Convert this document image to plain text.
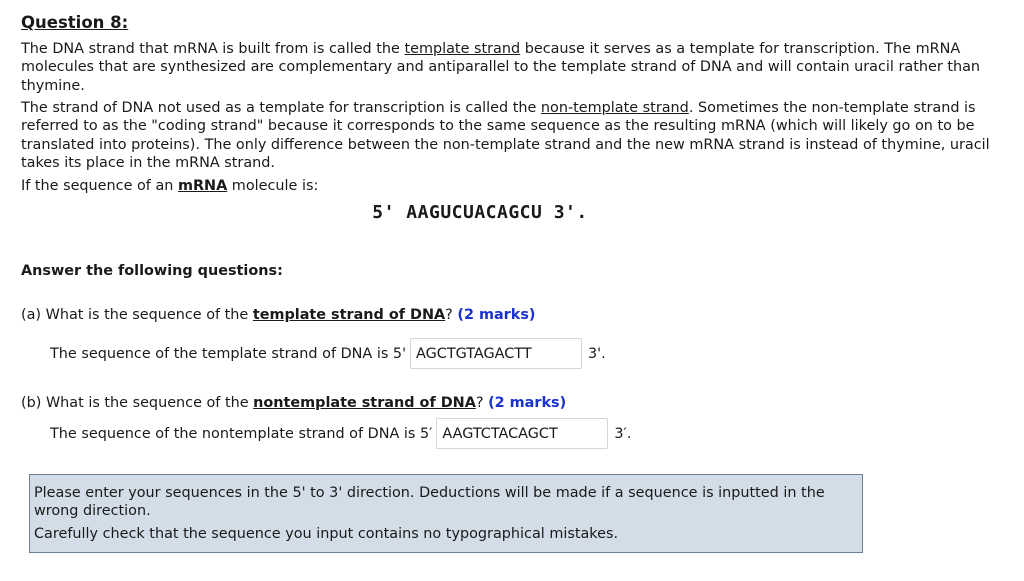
Question 8:
The DNA strand that mRNA is built from is called the template strand because it serves as a template for transcription. The mRNA molecules that are synthesized are complementary and antiparallel to the template strand of DNA and will contain uracil rather than thymine.
The strand of DNA not used as a template for transcription is called the non-template strand. Sometimes the non-template strand is referred to as the "coding strand" because it corresponds to the same sequence as the resulting mRNA (which will likely go on to be translated into proteins). The only difference between the non-template strand and the new mRNA strand is instead of thymine, uracil takes its place in the mRNA strand.
If the sequence of an mRNA molecule is:
5' AAGUCUACAGCU 3'.
Answer the following questions:
(a) What is the sequence of the template strand of DNA? (2 marks)
The sequence of the template strand of DNA is 5' AGCTGTAGACTT	3'.
(b) What is the sequence of the nontemplate strand of DNA? (2 marks)
The sequence of the nontemplate strand of DNA is 5′ AAGTCTACAGCT	3′.
Please enter your sequences in the 5' to 3' direction. Deductions will be made if a sequence is inputted in the wrong direction.
Carefully check that the sequence you input contains no typographical mistakes.
